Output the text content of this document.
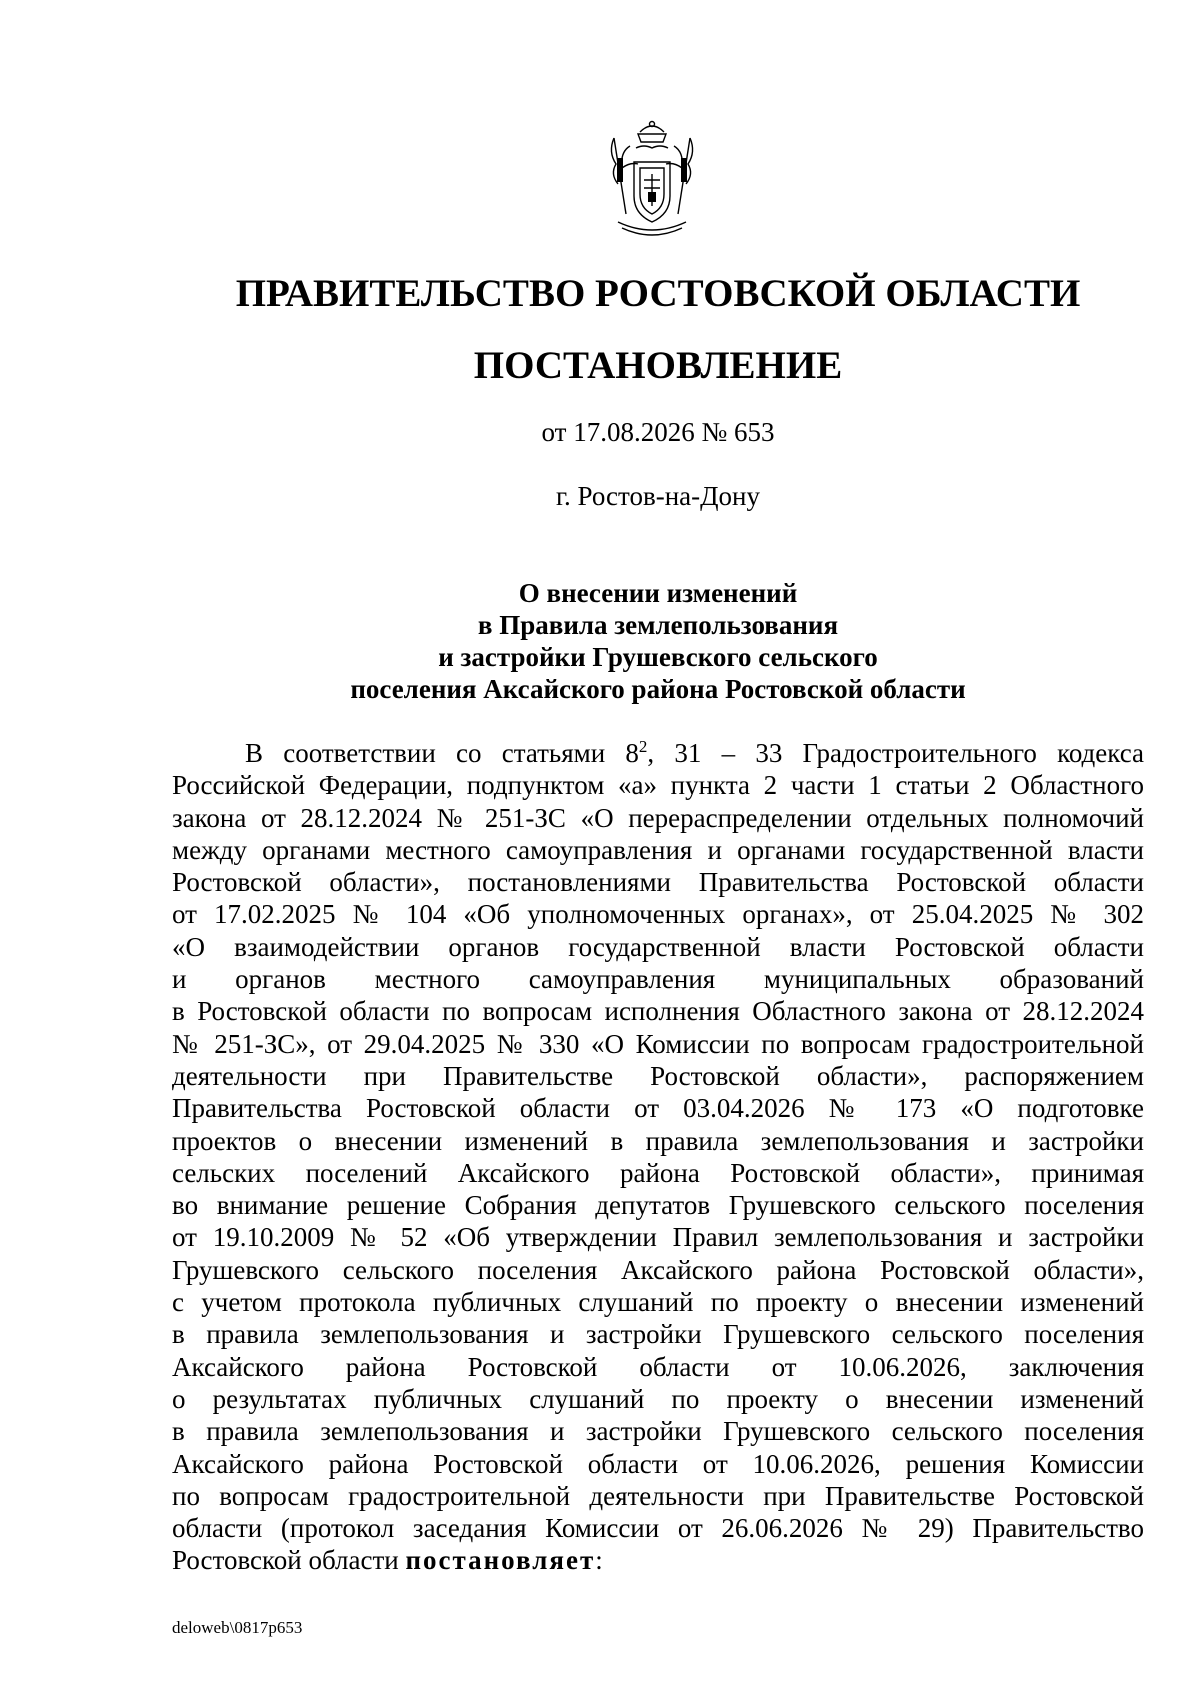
ПРАВИТЕЛЬСТВО РОСТОВСКОЙ ОБЛАСТИ
ПОСТАНОВЛЕНИЕ
от 17.08.2026 № 653
г. Ростов-на-Дону

О внесении изменений
в Правила землепользования
и застройки Грушевского сельского
поселения Аксайского района Ростовской области

В соответствии со статьями $8^2$, 31 – 33 Градостроительного кодекса
Российской Федерации, подпунктом «а» пункта 2 части 1 статьи 2 Областного
закона от 28.12.2024 № 251-ЗС «О перераспределении отдельных полномочий
между органами местного самоуправления и органами государственной власти
Ростовской области», постановлениями Правительства Ростовской области
от 17.02.2025 № 104 «Об уполномоченных органах», от 25.04.2025 № 302
«О взаимодействии органов государственной власти Ростовской области
и органов местного самоуправления муниципальных образований
в Ростовской области по вопросам исполнения Областного закона от 28.12.2024
№ 251-ЗС», от 29.04.2025 № 330 «О Комиссии по вопросам градостроительной
деятельности при Правительстве Ростовской области», распоряжением
Правительства Ростовской области от 03.04.2026 № 173 «О подготовке
проектов о внесении изменений в правила землепользования и застройки
сельских поселений Аксайского района Ростовской области», принимая
во внимание решение Собрания депутатов Грушевского сельского поселения
от 19.10.2009 № 52 «Об утверждении Правил землепользования и застройки
Грушевского сельского поселения Аксайского района Ростовской области»,
с учетом протокола публичных слушаний по проекту о внесении изменений
в правила землепользования и застройки Грушевского сельского поселения
Аксайского района Ростовской области от 10.06.2026, заключения
о результатах публичных слушаний по проекту о внесении изменений
в правила землепользования и застройки Грушевского сельского поселения
Аксайского района Ростовской области от 10.06.2026, решения Комиссии
по вопросам градостроительной деятельности при Правительстве Ростовской
области (протокол заседания Комиссии от 26.06.2026 № 29) Правительство
Ростовской области постановляет:
deloweb\0817p653
